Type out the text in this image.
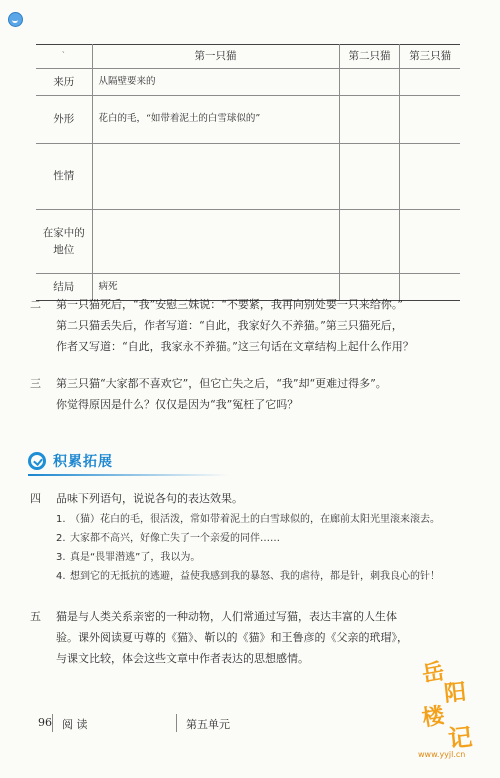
`	第一只猫	第二只猫	第三只猫
来历	从隔壁要来的		
外形	花白的毛，“如带着泥土的白雪球似的”		
性情			
在家中的地位			
结局	病死		
二	第一只猫死后，“我”安慰三妹说：“不要紧，我再向别处要一只来给你。”

第二只猫丢失后，作者写道：“自此，我家好久不养猫。”第三只猫死后，

作者又写道：“自此，我家永不养猫。”这三句话在文章结构上起什么作用？

三	第三只猫“大家都不喜欢它”，但它亡失之后，“我”却“更难过得多”。

你觉得原因是什么？仅仅是因为“我”冤枉了它吗？

积累拓展
四	品味下列语句，说说各句的表达效果。

1. （猫）花白的毛，很活泼，常如带着泥土的白雪球似的，在廊前太阳光里滚来滚去。
2. 大家都不高兴，好像亡失了一个亲爱的同伴……
3. 真是“畏罪潜逃”了，我以为。
4. 想到它的无抵抗的逃避，益使我感到我的暴怒、我的虐待，都是针，刺我良心的针！
五	猫是与人类关系亲密的一种动物，人们常通过写猫，表达丰富的人生体

验。课外阅读夏丏尊的《猫》、靳以的《猫》和王鲁彦的《父亲的玳瑁》，

与课文比较，体会这些文章中作者表达的思想感情。

96 阅 读	第五单元
岳
阳
楼
记
www.yyjl.cn
